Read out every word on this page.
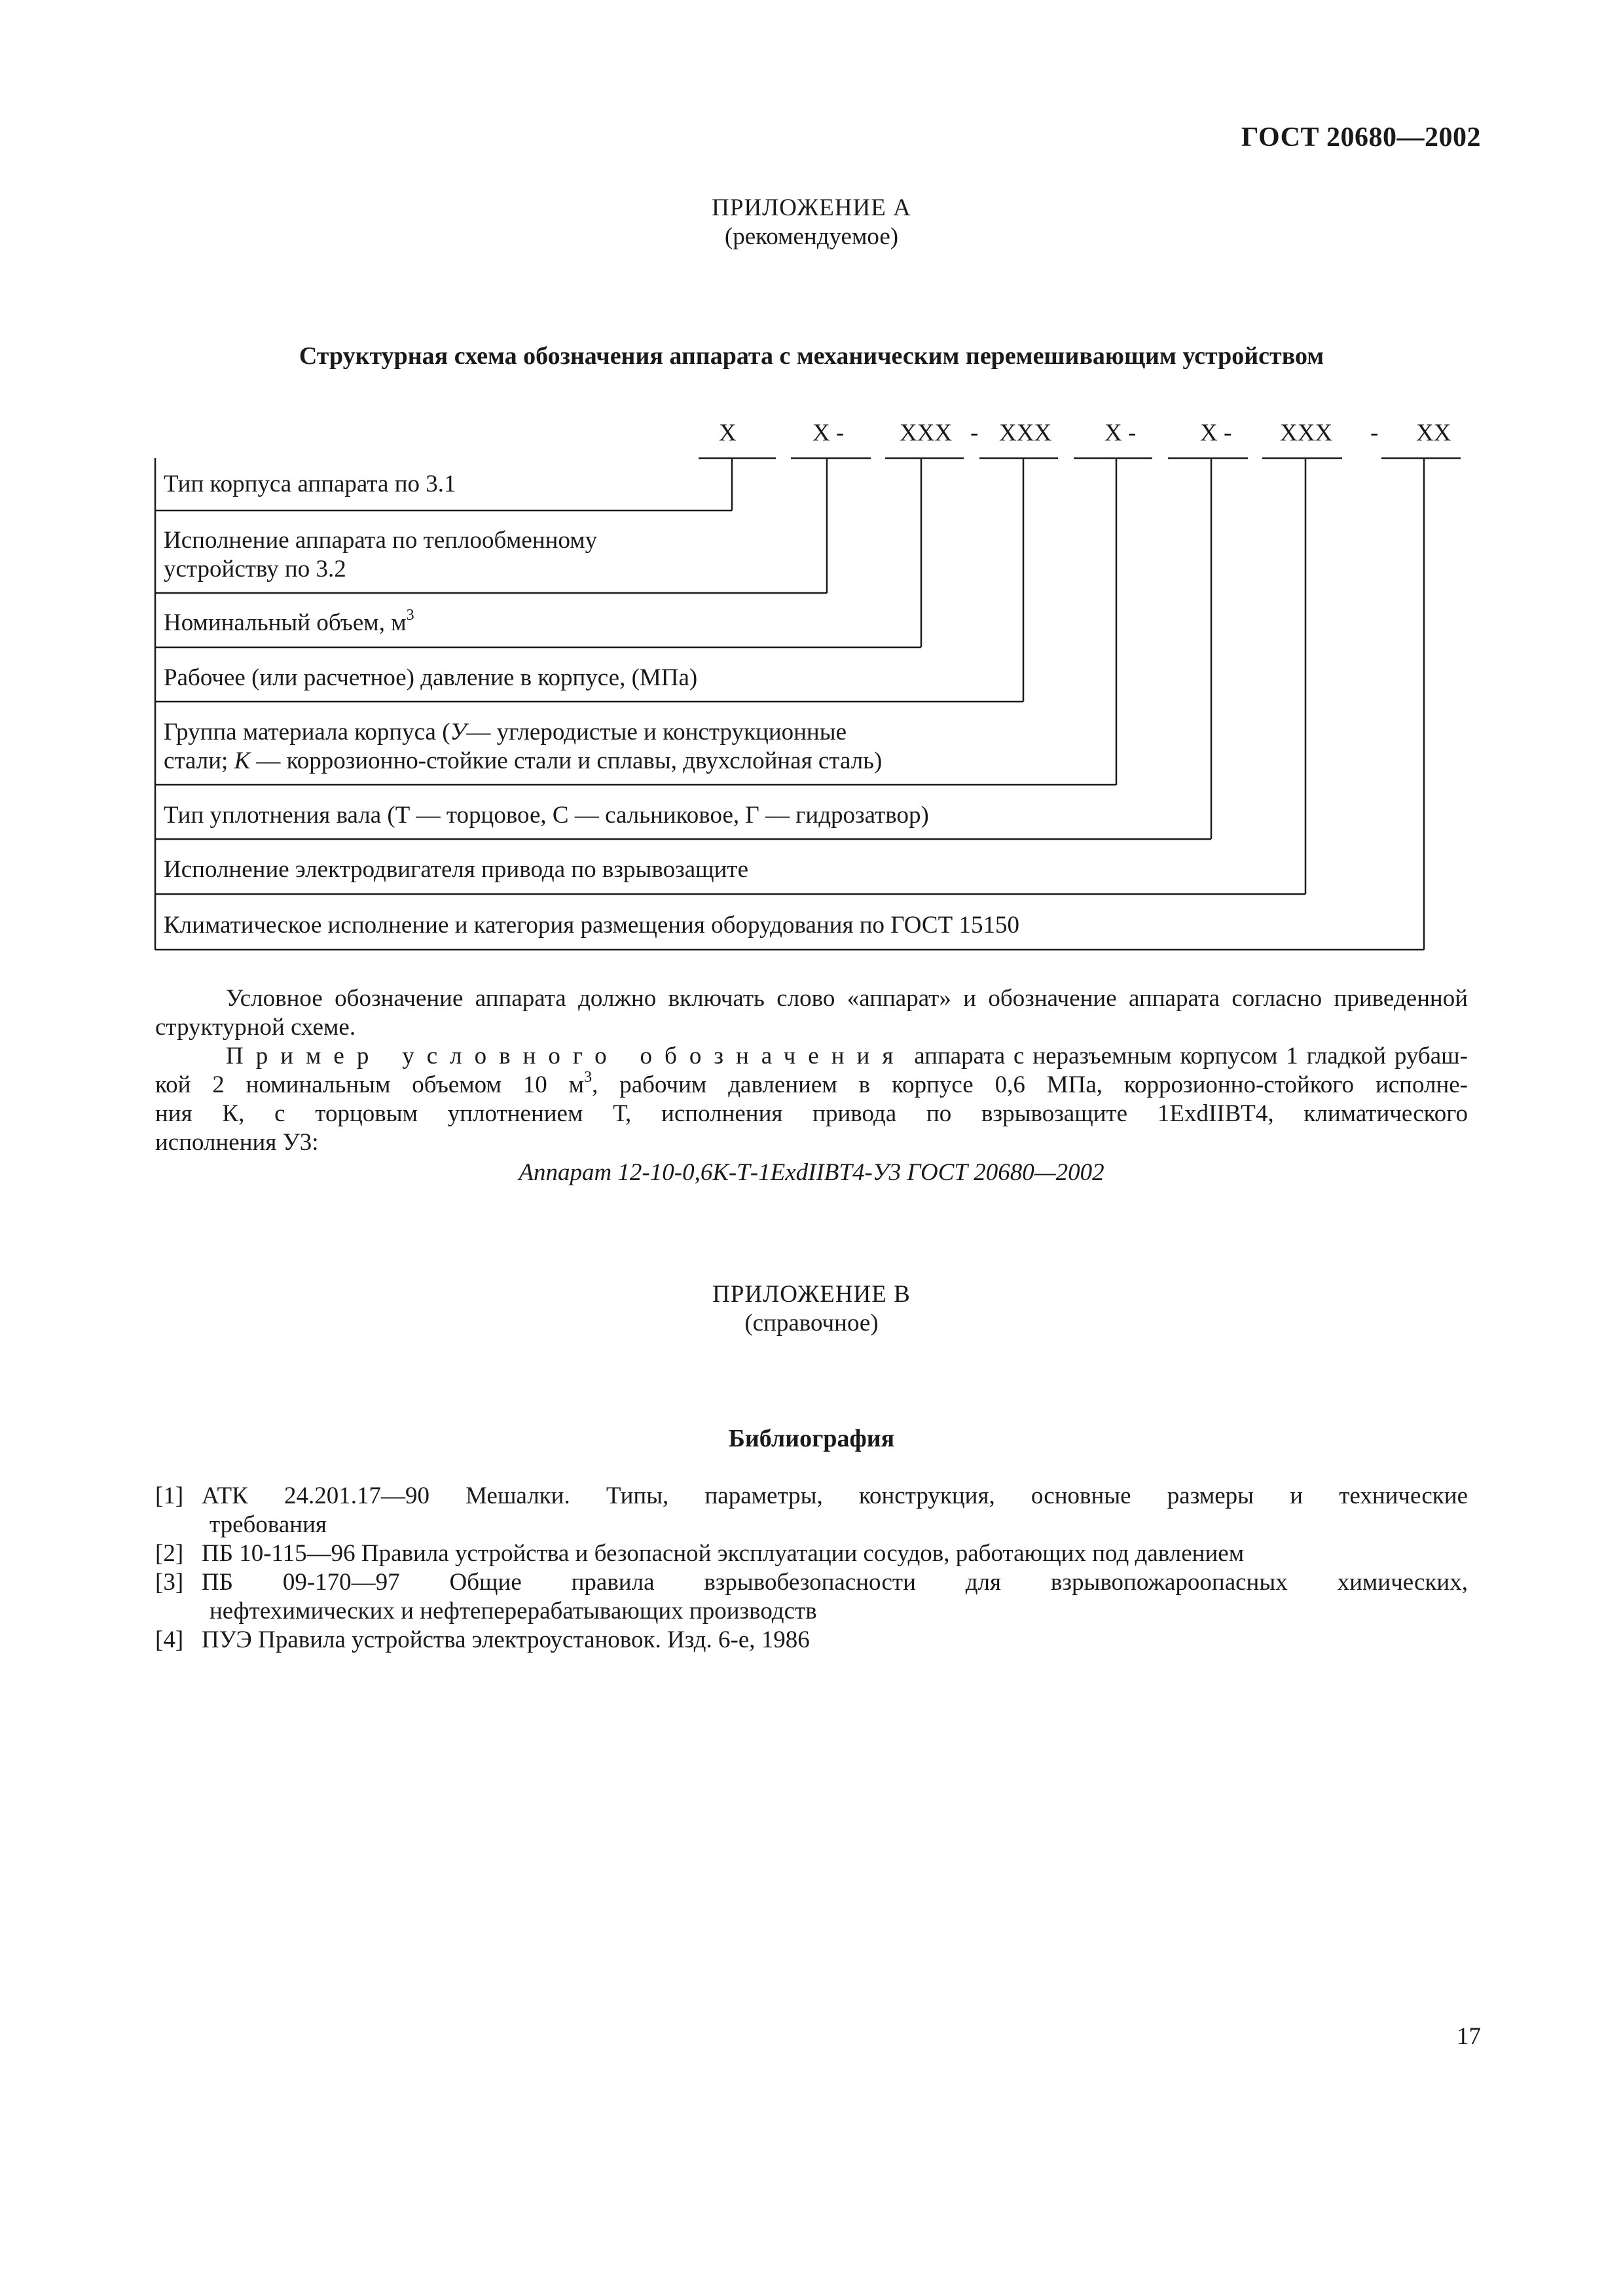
ГОСТ 20680—2002
ПРИЛОЖЕНИЕ А
(рекомендуемое)
Структурная схема обозначения аппарата с механическим перемешивающим устройством
X	X - XXX - XXX X -	X - XXX - XX
Тип корпуса аппарата по 3.1
Исполнение аппарата по теплообменному
устройству по 3.2
Номинальный объем, $м^3$
Рабочее (или расчетное) давление в корпусе, (МПа)
Группа материала корпуса (У— углеродистые и конструкционные
стали; К — коррозионно-стойкие стали и сплавы, двухслойная сталь)
Тип уплотнения вала (Т — торцовое, С — сальниковое, Г — гидрозатвор)
Исполнение электродвигателя привода по взрывозащите
Климатическое исполнение и категория размещения оборудования по ГОСТ 15150
Условное обозначение аппарата должно включать слово «аппарат» и обозначение аппарата согласно приведенной структурной схеме.
Пример условного обозначения аппарата с неразъемным корпусом 1 гладкой рубаш-
кой 2 номинальным объемом 10 $м^3$, рабочим давлением в корпусе 0,6 МПа, коррозионно-стойкого исполне-
ния К, с торцовым уплотнением Т, исполнения привода по взрывозащите 1ExdIIBT4, климатического
исполнения У3:
Аппарат 12-10-0,6К-Т-1ExdIIBT4-У3 ГОСТ 20680—2002
ПРИЛОЖЕНИЕ В
(справочное)
Библиография
[1] АТК 24.201.17—90 Мешалки. Типы, параметры, конструкция, основные размеры и технические
требования
[2] ПБ 10-115—96 Правила устройства и безопасной эксплуатации сосудов, работающих под давлением
[3] ПБ 09-170—97 Общие правила взрывобезопасности для взрывопожароопасных химических,
нефтехимических и нефтеперерабатывающих производств
[4] ПУЭ Правила устройства электроустановок. Изд. 6-е, 1986
17
